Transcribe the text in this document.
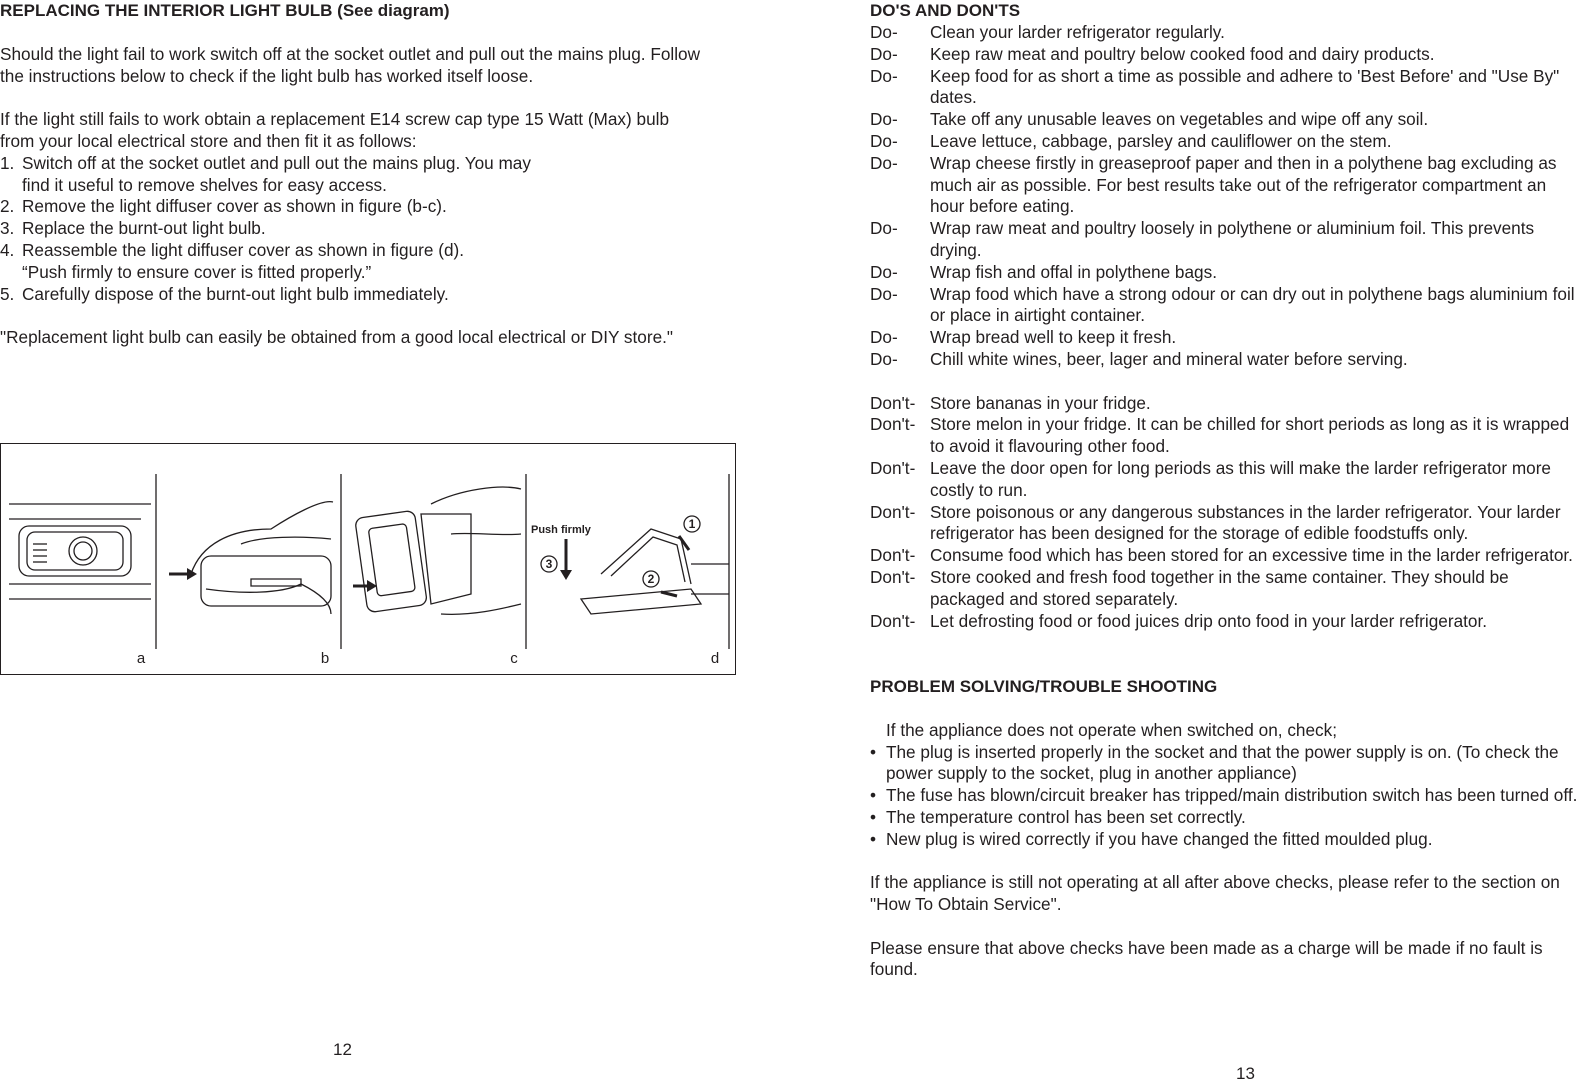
REPLACING THE INTERIOR LIGHT BULB (See diagram)

Should the light fail to work switch off at the socket outlet and pull out the mains plug. Follow the instructions below to check if the light bulb has worked itself loose.

If the light still fails to work obtain a replacement E14 screw cap type 15 Watt (Max) bulb from your local electrical store and then fit it as follows:

1. Switch off at the socket outlet and pull out the mains plug. You may
find it useful to remove shelves for easy access.
2. Remove the light diffuser cover as shown in figure (b-c).
3. Replace the burnt-out light bulb.
4. Reassemble the light diffuser cover as shown in figure (d).
“Push firmly to ensure cover is fitted properly.”
5. Carefully dispose of the burnt-out light bulb immediately.

"Replacement light bulb can easily be obtained from a good local electrical or DIY store."

1
2
3
Push firmly
a	b	c	d
12
DO'S AND DON'TS
Do- Clean your larder refrigerator regularly.
Do- Keep raw meat and poultry below cooked food and dairy products.
Do- Keep food for as short a time as possible and adhere to 'Best Before' and "Use By" dates.
Do- Take off any unusable leaves on vegetables and wipe off any soil.
Do- Leave lettuce, cabbage, parsley and cauliflower on the stem.
Do- Wrap cheese firstly in greaseproof paper and then in a polythene bag excluding as much air as possible. For best results take out of the refrigerator compartment an hour before eating.
Do- Wrap raw meat and poultry loosely in polythene or aluminium foil. This prevents drying.
Do- Wrap fish and offal in polythene bags.
Do- Wrap food which have a strong odour or can dry out in polythene bags aluminium foil or place in airtight container.
Do- Wrap bread well to keep it fresh.
Do- Chill white wines, beer, lager and mineral water before serving.
Don't- Store bananas in your fridge.
Don't- Store melon in your fridge. It can be chilled for short periods as long as it is wrapped to avoid it flavouring other food.
Don't- Leave the door open for long periods as this will make the larder refrigerator more costly to run.
Don't- Store poisonous or any dangerous substances in the larder refrigerator. Your larder refrigerator has been designed for the storage of edible foodstuffs only.
Don't- Consume food which has been stored for an excessive time in the larder refrigerator.
Don't- Store cooked and fresh food together in the same container. They should be packaged and stored separately.
Don't- Let defrosting food or food juices drip onto food in your larder refrigerator.
PROBLEM SOLVING/TROUBLE SHOOTING

If the appliance does not operate when switched on, check;

• The plug is inserted properly in the socket and that the power supply is on. (To check the power supply to the socket, plug in another appliance)
• The fuse has blown/circuit breaker has tripped/main distribution switch has been turned off.
• The temperature control has been set correctly.
• New plug is wired correctly if you have changed the fitted moulded plug.

If the appliance is still not operating at all after above checks, please refer to the section on "How To Obtain Service".

Please ensure that above checks have been made as a charge will be made if no fault is found.

13
